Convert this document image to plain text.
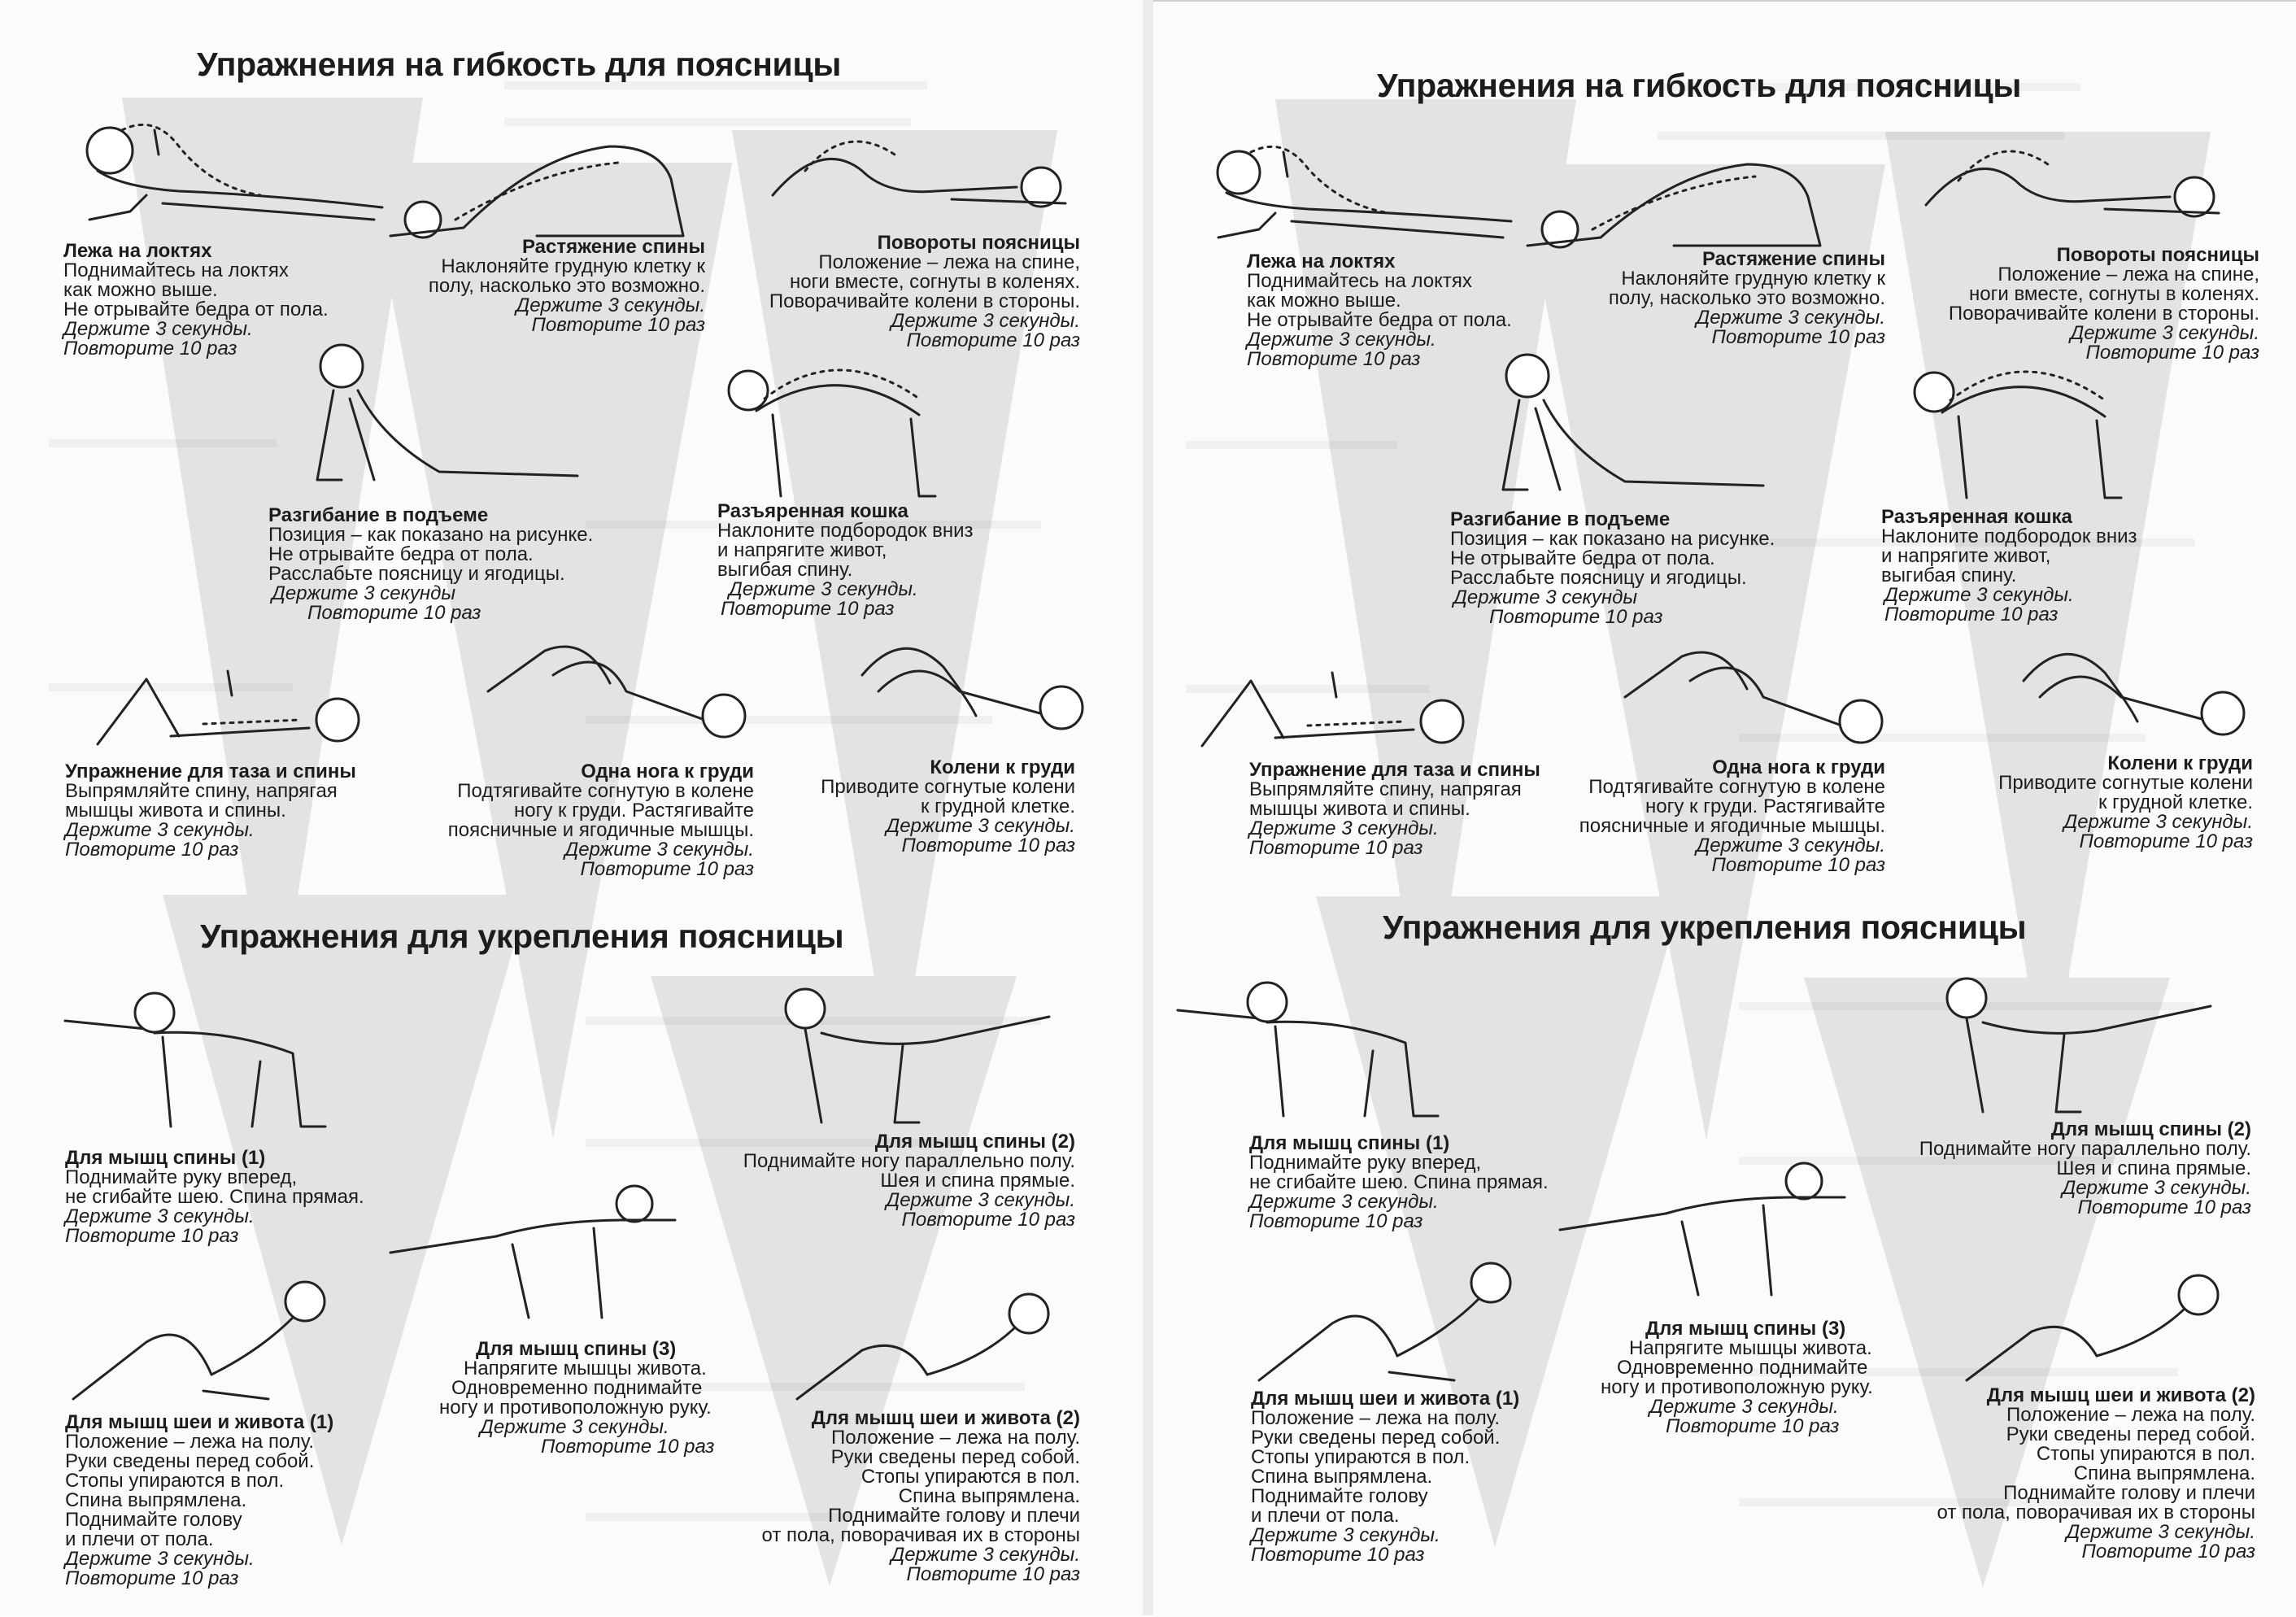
Упражнения на гибкость для поясницы
Упражнения для укрепления поясницы
Лежа на локтях
Поднимайтесь на локтях
как можно выше.
Не отрывайте бедра от пола.
Держите 3 секунды.
Повторите 10 раз
Растяжение спины
Наклоняйте грудную клетку к
полу, насколько это возможно.
Держите 3 секунды.
Повторите 10 раз
Повороты поясницы
Положение – лежа на спине,
ноги вместе, согнуты в коленях.
Поворачивайте колени в стороны.
Держите 3 секунды.
Повторите 10 раз
Разгибание в подъеме
Позиция – как показано на рисунке.
Не отрывайте бедра от пола.
Расслабьте поясницу и ягодицы.
Держите 3 секунды
Повторите 10 раз
Разъяренная кошка
Наклоните подбородок вниз
и напрягите живот,
выгибая спину.
Держите 3 секунды.
Повторите 10 раз
Упражнение для таза и спины
Выпрямляйте спину, напрягая
мышцы живота и спины.
Держите 3 секунды.
Повторите 10 раз
Одна нога к груди
Подтягивайте согнутую в колене
ногу к груди. Растягивайте
поясничные и ягодичные мышцы.
Держите 3 секунды.
Повторите 10 раз
Колени к груди
Приводите согнутые колени
к грудной клетке.
Держите 3 секунды.
Повторите 10 раз
Для мышц спины (1)
Поднимайте руку вперед,
не сгибайте шею. Спина прямая.
Держите 3 секунды.
Повторите 10 раз
Для мышц спины (2)
Поднимайте ногу параллельно полу.
Шея и спина прямые.
Держите 3 секунды.
Повторите 10 раз
Для мышц спины (3)
Напрягите мышцы живота.
Одновременно поднимайте
ногу и противоположную руку.
Держите 3 секунды.
Повторите 10 раз
Для мышц шеи и живота (1)
Положение – лежа на полу.
Руки сведены перед собой.
Стопы упираются в пол.
Спина выпрямлена.
Поднимайте голову
и плечи от пола.
Держите 3 секунды.
Повторите 10 раз
Для мышц шеи и живота (2)
Положение – лежа на полу.
Руки сведены перед собой.
Стопы упираются в пол.
Спина выпрямлена.
Поднимайте голову и плечи
от пола, поворачивая их в стороны
Держите 3 секунды.
Повторите 10 раз
Упражнения на гибкость для поясницы
Упражнения для укрепления поясницы
Лежа на локтях
Поднимайтесь на локтях
как можно выше.
Не отрывайте бедра от пола.
Держите 3 секунды.
Повторите 10 раз
Растяжение спины
Наклоняйте грудную клетку к
полу, насколько это возможно.
Держите 3 секунды.
Повторите 10 раз
Повороты поясницы
Положение – лежа на спине,
ноги вместе, согнуты в коленях.
Поворачивайте колени в стороны.
Держите 3 секунды.
Повторите 10 раз
Разгибание в подъеме
Позиция – как показано на рисунке.
Не отрывайте бедра от пола.
Расслабьте поясницу и ягодицы.
Держите 3 секунды
Повторите 10 раз
Разъяренная кошка
Наклоните подбородок вниз
и напрягите живот,
выгибая спину.
Держите 3 секунды.
Повторите 10 раз
Упражнение для таза и спины
Выпрямляйте спину, напрягая
мышцы живота и спины.
Держите 3 секунды.
Повторите 10 раз
Одна нога к груди
Подтягивайте согнутую в колене
ногу к груди. Растягивайте
поясничные и ягодичные мышцы.
Держите 3 секунды.
Повторите 10 раз
Колени к груди
Приводите согнутые колени
к грудной клетке.
Держите 3 секунды.
Повторите 10 раз
Для мышц спины (1)
Поднимайте руку вперед,
не сгибайте шею. Спина прямая.
Держите 3 секунды.
Повторите 10 раз
Для мышц спины (2)
Поднимайте ногу параллельно полу.
Шея и спина прямые.
Держите 3 секунды.
Повторите 10 раз
Для мышц спины (3)
Напрягите мышцы живота.
Одновременно поднимайте
ногу и противоположную руку.
Держите 3 секунды.
Повторите 10 раз
Для мышц шеи и живота (1)
Положение – лежа на полу.
Руки сведены перед собой.
Стопы упираются в пол.
Спина выпрямлена.
Поднимайте голову
и плечи от пола.
Держите 3 секунды.
Повторите 10 раз
Для мышц шеи и живота (2)
Положение – лежа на полу.
Руки сведены перед собой.
Стопы упираются в пол.
Спина выпрямлена.
Поднимайте голову и плечи
от пола, поворачивая их в стороны
Держите 3 секунды.
Повторите 10 раз
